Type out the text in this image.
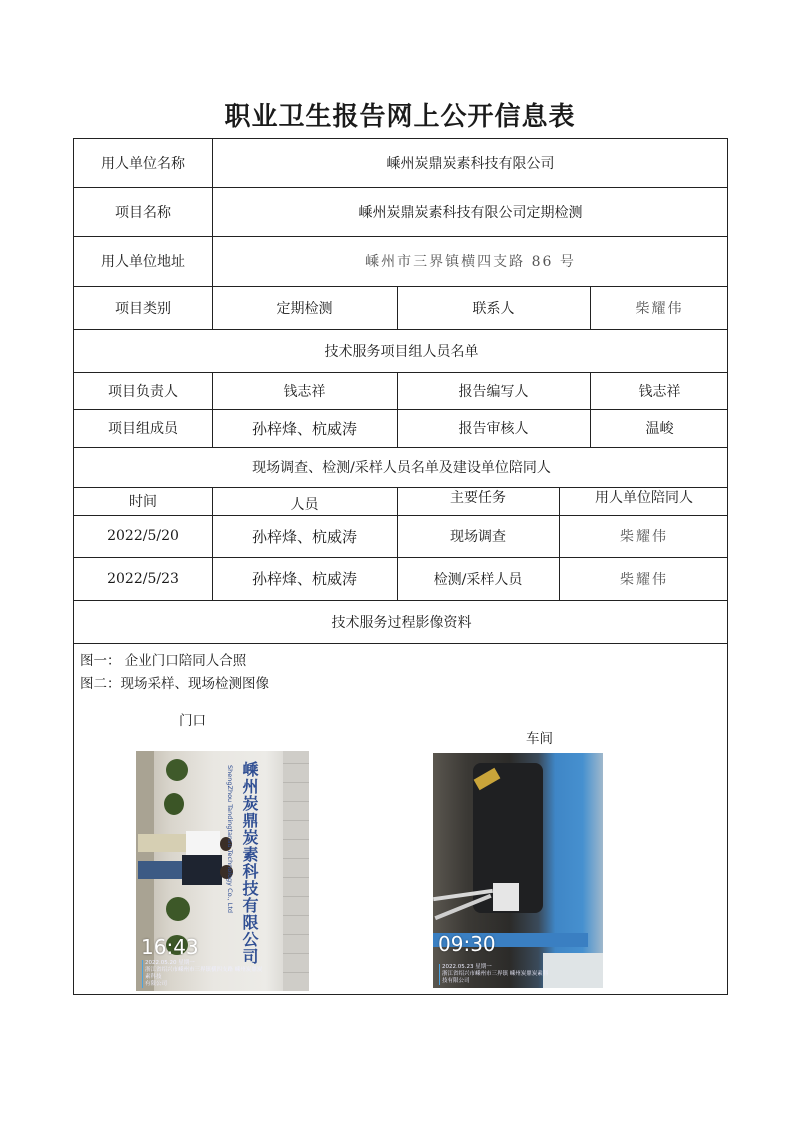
职业卫生报告网上公开信息表
用人单位名称	嵊州炭鼎炭素科技有限公司
项目名称	嵊州炭鼎炭素科技有限公司定期检测
用人单位地址	嵊州市三界镇横四支路 86 号
项目类别	定期检测	联系人	柴耀伟
技术服务项目组人员名单
项目负责人	钱志祥	报告编写人	钱志祥
项目组成员	孙梓烽、杭威涛	报告审核人	温峻
现场调查、检测/采样人员名单及建设单位陪同人
时间	人员	主要任务	用人单位陪同人
2022/5/20	孙梓烽、杭威涛	现场调查	柴耀伟
2022/5/23	孙梓烽、杭威涛	检测/采样人员	柴耀伟
技术服务过程影像资料
图一： 企业门口陪同人合照
图二：现场采样、现场检测图像
门口
车间
嵊州炭鼎炭素科技有限公司
ShengZhou Tandingtansu Technology Co., Ltd
16:43
2022.05.20 星期一
浙江省绍兴市嵊州市三界镇横四支路 嵊州炭鼎炭素科技
有限公司
09:30
2022.05.23 星期一
浙江省绍兴市嵊州市三界镇 嵊州炭鼎炭素科
技有限公司
